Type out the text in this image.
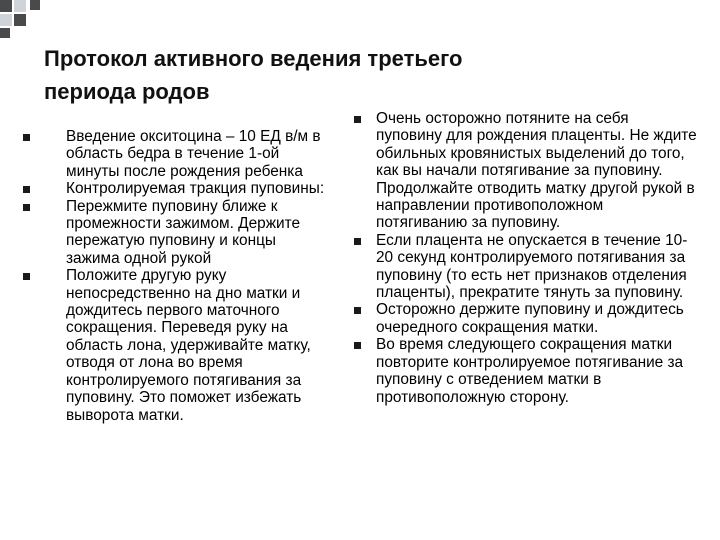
Протокол активного ведения третьего
периода родов
Введение окситоцина – 10 ЕД в/м в область бедра в течение 1-ой минуты после рождения ребенка
Контролируемая тракция пуповины:
Пережмите пуповину ближе к промежности зажимом. Держите пережатую пуповину и концы зажима одной рукой
Положите другую руку непосредственно на дно матки и дождитесь первого маточного сокращения. Переведя руку на область лона, удерживайте матку, отводя от лона во время контролируемого потягивания за пуповину. Это поможет избежать выворота матки.
Очень осторожно потяните на себя пуповину для рождения плаценты. Не ждите обильных кровянистых выделений до того, как вы начали потягивание за пуповину. Продолжайте отводить матку другой рукой в направлении противоположном потягиванию за пуповину.
Если плацента не опускается в течение 10-20 секунд контролируемого потягивания за пуповину (то есть нет признаков отделения плаценты), прекратите тянуть за пуповину.
Осторожно держите пуповину и дождитесь очередного сокращения матки.
Во время следующего сокращения матки повторите контролируемое потягивание за пуповину с отведением матки в противоположную сторону.
